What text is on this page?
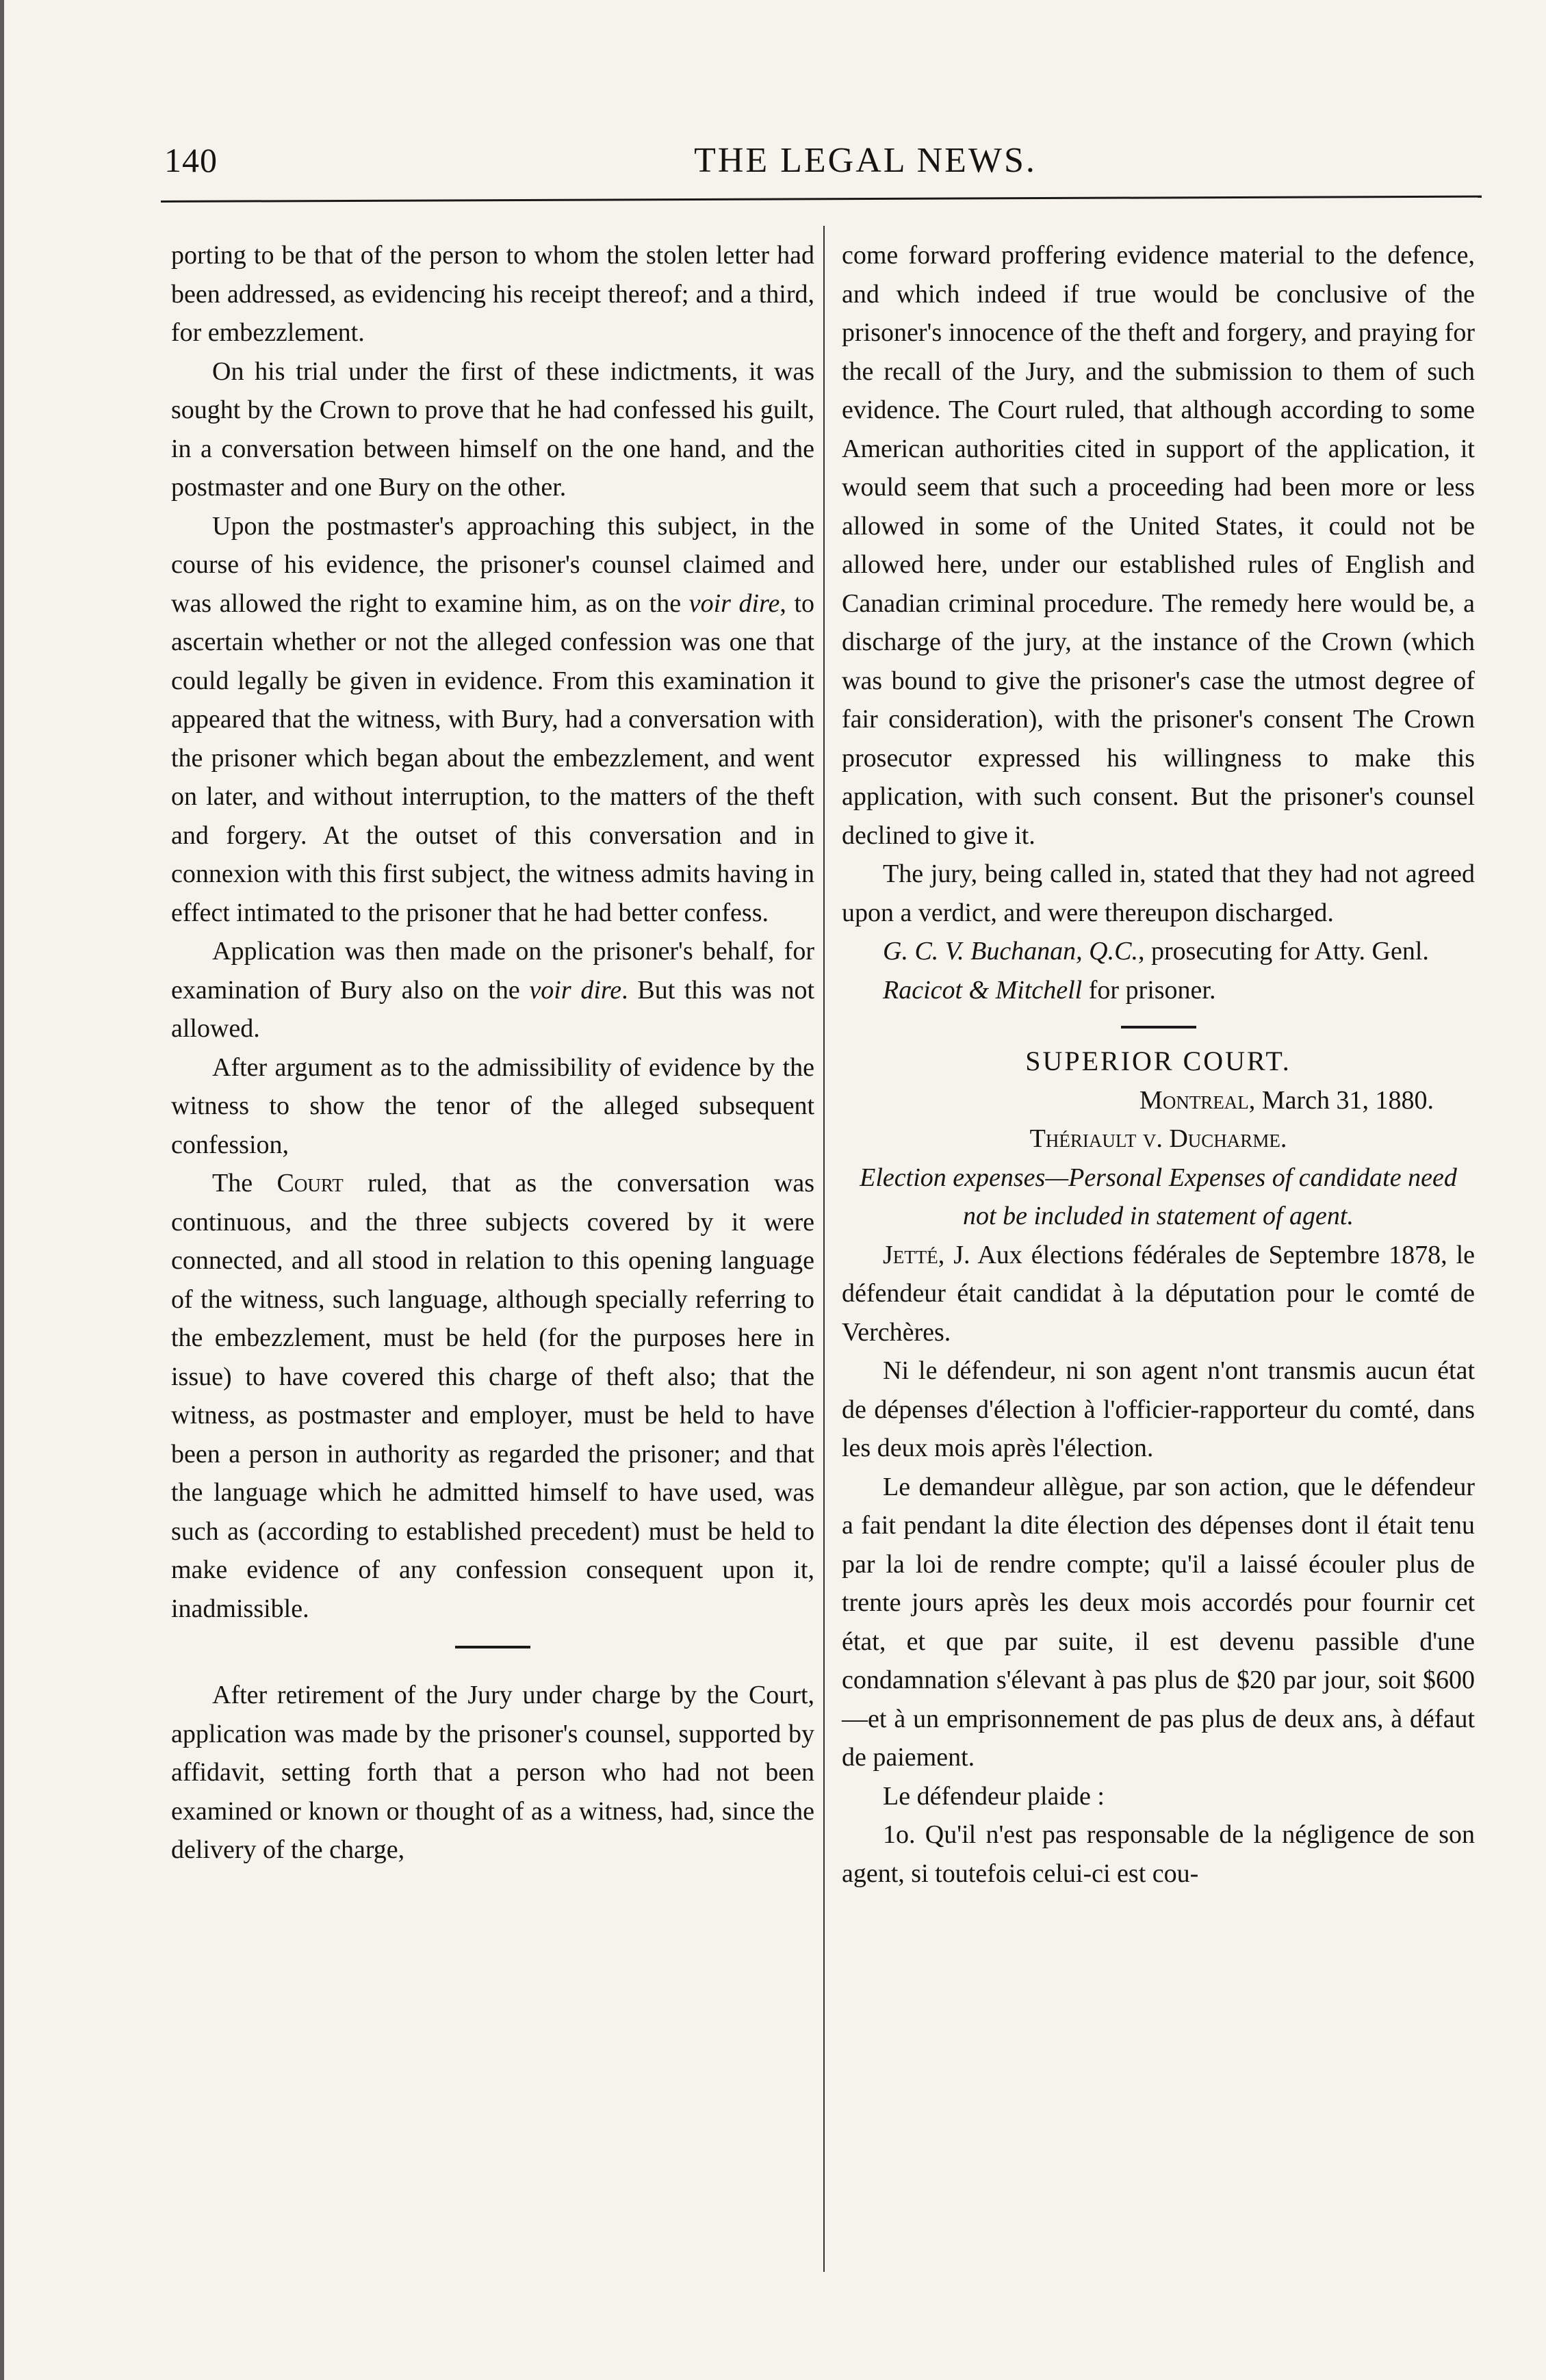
140	THE LEGAL NEWS.

porting to be that of the person to whom the stolen letter had been addressed, as evidencing his receipt thereof; and a third, for embezzlement.

On his trial under the first of these indictments, it was sought by the Crown to prove that he had confessed his guilt, in a conversation between himself on the one hand, and the postmaster and one Bury on the other.

Upon the postmaster's approaching this subject, in the course of his evidence, the prisoner's counsel claimed and was allowed the right to examine him, as on the voir dire, to ascertain whether or not the alleged confession was one that could legally be given in evidence. From this examination it appeared that the witness, with Bury, had a conversation with the prisoner which began about the embezzlement, and went on later, and without interruption, to the matters of the theft and forgery. At the outset of this conversation and in connexion with this first subject, the witness admits having in effect intimated to the prisoner that he had better confess.

Application was then made on the prisoner's behalf, for examination of Bury also on the voir dire. But this was not allowed.

After argument as to the admissibility of evidence by the witness to show the tenor of the alleged subsequent confession,

The Court ruled, that as the conversation was continuous, and the three subjects covered by it were connected, and all stood in relation to this opening language of the witness, such language, although specially referring to the embezzlement, must be held (for the purposes here in issue) to have covered this charge of theft also; that the witness, as postmaster and employer, must be held to have been a person in authority as regarded the prisoner; and that the language which he admitted himself to have used, was such as (according to established precedent) must be held to make evidence of any confession consequent upon it, inadmissible.

After retirement of the Jury under charge by the Court, application was made by the prisoner's counsel, supported by affidavit, setting forth that a person who had not been examined or known or thought of as a witness, had, since the delivery of the charge,

come forward proffering evidence material to the defence, and which indeed if true would be conclusive of the prisoner's innocence of the theft and forgery, and praying for the recall of the Jury, and the submission to them of such evidence. The Court ruled, that although according to some American authorities cited in support of the application, it would seem that such a proceeding had been more or less allowed in some of the United States, it could not be allowed here, under our established rules of English and Canadian criminal procedure. The remedy here would be, a discharge of the jury, at the instance of the Crown (which was bound to give the prisoner's case the utmost degree of fair consideration), with the prisoner's consent The Crown prosecutor expressed his willingness to make this application, with such consent. But the prisoner's counsel declined to give it.

The jury, being called in, stated that they had not agreed upon a verdict, and were thereupon discharged.

G. C. V. Buchanan, Q.C., prosecuting for Atty. Genl.

Racicot & Mitchell for prisoner.

SUPERIOR COURT.

Montreal, March 31, 1880.

Thériault v. Ducharme.

Election expenses—Personal Expenses of candidate need not be included in statement of agent.

Jetté, J. Aux élections fédérales de Septembre 1878, le défendeur était candidat à la députation pour le comté de Verchères.

Ni le défendeur, ni son agent n'ont transmis aucun état de dépenses d'élection à l'officier-rapporteur du comté, dans les deux mois après l'élection.

Le demandeur allègue, par son action, que le défendeur a fait pendant la dite élection des dépenses dont il était tenu par la loi de rendre compte; qu'il a laissé écouler plus de trente jours après les deux mois accordés pour fournir cet état, et que par suite, il est devenu passible d'une condamnation s'élevant à pas plus de $20 par jour, soit $600—et à un emprisonnement de pas plus de deux ans, à défaut de paiement.

Le défendeur plaide :

1o. Qu'il n'est pas responsable de la négligence de son agent, si toutefois celui-ci est cou-
